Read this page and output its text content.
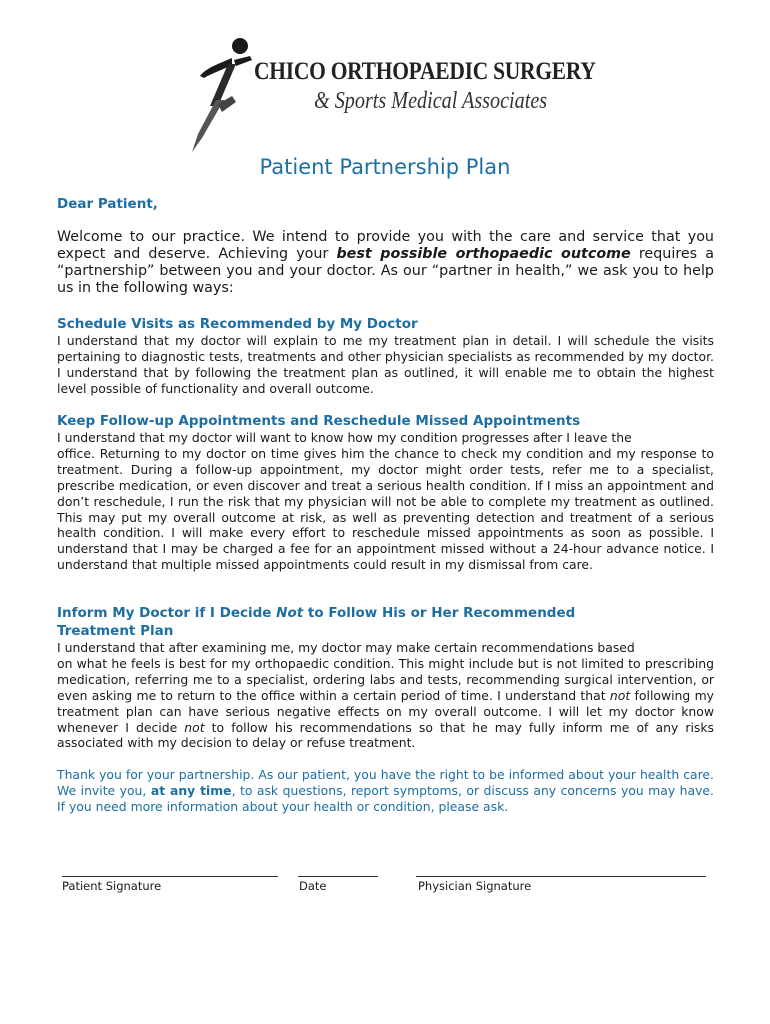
CHICO ORTHOPAEDIC SURGERY
& Sports Medical Associates
Patient Partnership Plan

Dear Patient,

Welcome to our practice. We intend to provide you with the care and service that you expect and deserve. Achieving your best possible orthopaedic outcome requires a “partnership” between you and your doctor. As our “partner in health,” we ask you to help us in the following ways:

Schedule Visits as Recommended by My Doctor

I understand that my doctor will explain to me my treatment plan in detail. I will schedule the visits pertaining to diagnostic tests, treatments and other physician specialists as recommended by my doctor. I understand that by following the treatment plan as outlined, it will enable me to obtain the highest level possible of functionality and overall outcome.

Keep Follow-up Appointments and Reschedule Missed Appointments

I understand that my doctor will want to know how my condition progresses after I leave the

office. Returning to my doctor on time gives him the chance to check my condition and my response to treatment. During a follow-up appointment, my doctor might order tests, refer me to a specialist, prescribe medication, or even discover and treat a serious health condition. If I miss an appointment and don’t reschedule, I run the risk that my physician will not be able to complete my treatment as outlined. This may put my overall outcome at risk, as well as preventing detection and treatment of a serious health condition. I will make every effort to reschedule missed appointments as soon as possible. I understand that I may be charged a fee for an appointment missed without a 24-hour advance notice. I understand that multiple missed appointments could result in my dismissal from care.

Inform My Doctor if I Decide Not to Follow His or Her Recommended
Treatment Plan

I understand that after examining me, my doctor may make certain recommendations based

on what he feels is best for my orthopaedic condition. This might include but is not limited to prescribing medication, referring me to a specialist, ordering labs and tests, recommending surgical intervention, or even asking me to return to the office within a certain period of time. I understand that not following my treatment plan can have serious negative effects on my overall outcome. I will let my doctor know whenever I decide not to follow his recommendations so that he may fully inform me of any risks associated with my decision to delay or refuse treatment.

Thank you for your partnership. As our patient, you have the right to be informed about your health care. We invite you, at any time, to ask questions, report symptoms, or discuss any concerns you may have. If you need more information about your health or condition, please ask.

Patient Signature	Date	Physician Signature
